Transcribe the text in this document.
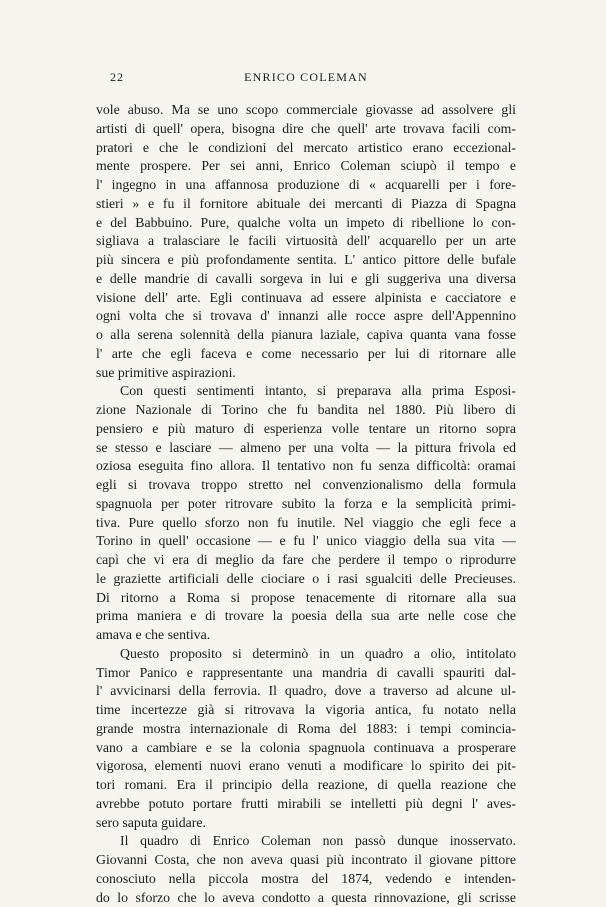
22	ENRICO COLEMAN
vole abuso. Ma se uno scopo commerciale giovasse ad assolvere gli
artisti di quell' opera, bisogna dire che quell' arte trovava facili com-
pratori e che le condizioni del mercato artistico erano eccezional-
mente prospere. Per sei anni, Enrico Coleman sciupò il tempo e
l' ingegno in una affannosa produzione di « acquarelli per i fore-
stieri » e fu il fornitore abituale dei mercanti di Piazza di Spagna
e del Babbuino. Pure, qualche volta un impeto di ribellione lo con-
sigliava a tralasciare le facili virtuosità dell' acquarello per un arte
più sincera e più profondamente sentita. L' antico pittore delle bufale
e delle mandrie di cavalli sorgeva in lui e gli suggeriva una diversa
visione dell' arte. Egli continuava ad essere alpinista e cacciatore e
ogni volta che si trovava d' innanzi alle rocce aspre dell'Appennino
o alla serena solennità della pianura laziale, capiva quanta vana fosse
l' arte che egli faceva e come necessario per lui di ritornare alle
sue primitive aspirazioni.
Con questi sentimenti intanto, si preparava alla prima Esposi-
zione Nazionale di Torino che fu bandita nel 1880. Più libero di
pensiero e più maturo di esperienza volle tentare un ritorno sopra
se stesso e lasciare — almeno per una volta — la pittura frivola ed
oziosa eseguita fino allora. Il tentativo non fu senza difficoltà: oramai
egli si trovava troppo stretto nel convenzionalismo della formula
spagnuola per poter ritrovare subito la forza e la semplicità primi-
tiva. Pure quello sforzo non fu inutile. Nel viaggio che egli fece a
Torino in quell' occasione — e fu l' unico viaggio della sua vita —
capì che vi era di meglio da fare che perdere il tempo o riprodurre
le graziette artificiali delle ciociare o i rasi sgualciti delle Precieuses.
Di ritorno a Roma si propose tenacemente di ritornare alla sua
prima maniera e di trovare la poesia della sua arte nelle cose che
amava e che sentiva.
Questo proposito si determinò in un quadro a olio, intitolato
Timor Panico e rappresentante una mandria di cavalli spauriti dal-
l' avvicinarsi della ferrovia. Il quadro, dove a traverso ad alcune ul-
time incertezze già si ritrovava la vigoria antica, fu notato nella
grande mostra internazionale di Roma del 1883: i tempi comincia-
vano a cambiare e se la colonia spagnuola continuava a prosperare
vigorosa, elementi nuovi erano venuti a modificare lo spirito dei pit-
tori romani. Era il principio della reazione, di quella reazione che
avrebbe potuto portare frutti mirabili se intelletti più degni l' aves-
sero saputa guidare.
Il quadro di Enrico Coleman non passò dunque inosservato.
Giovanni Costa, che non aveva quasi più incontrato il giovane pittore
conosciuto nella piccola mostra del 1874, vedendo e intenden-
do lo sforzo che lo aveva condotto a questa rinnovazione, gli scrisse
